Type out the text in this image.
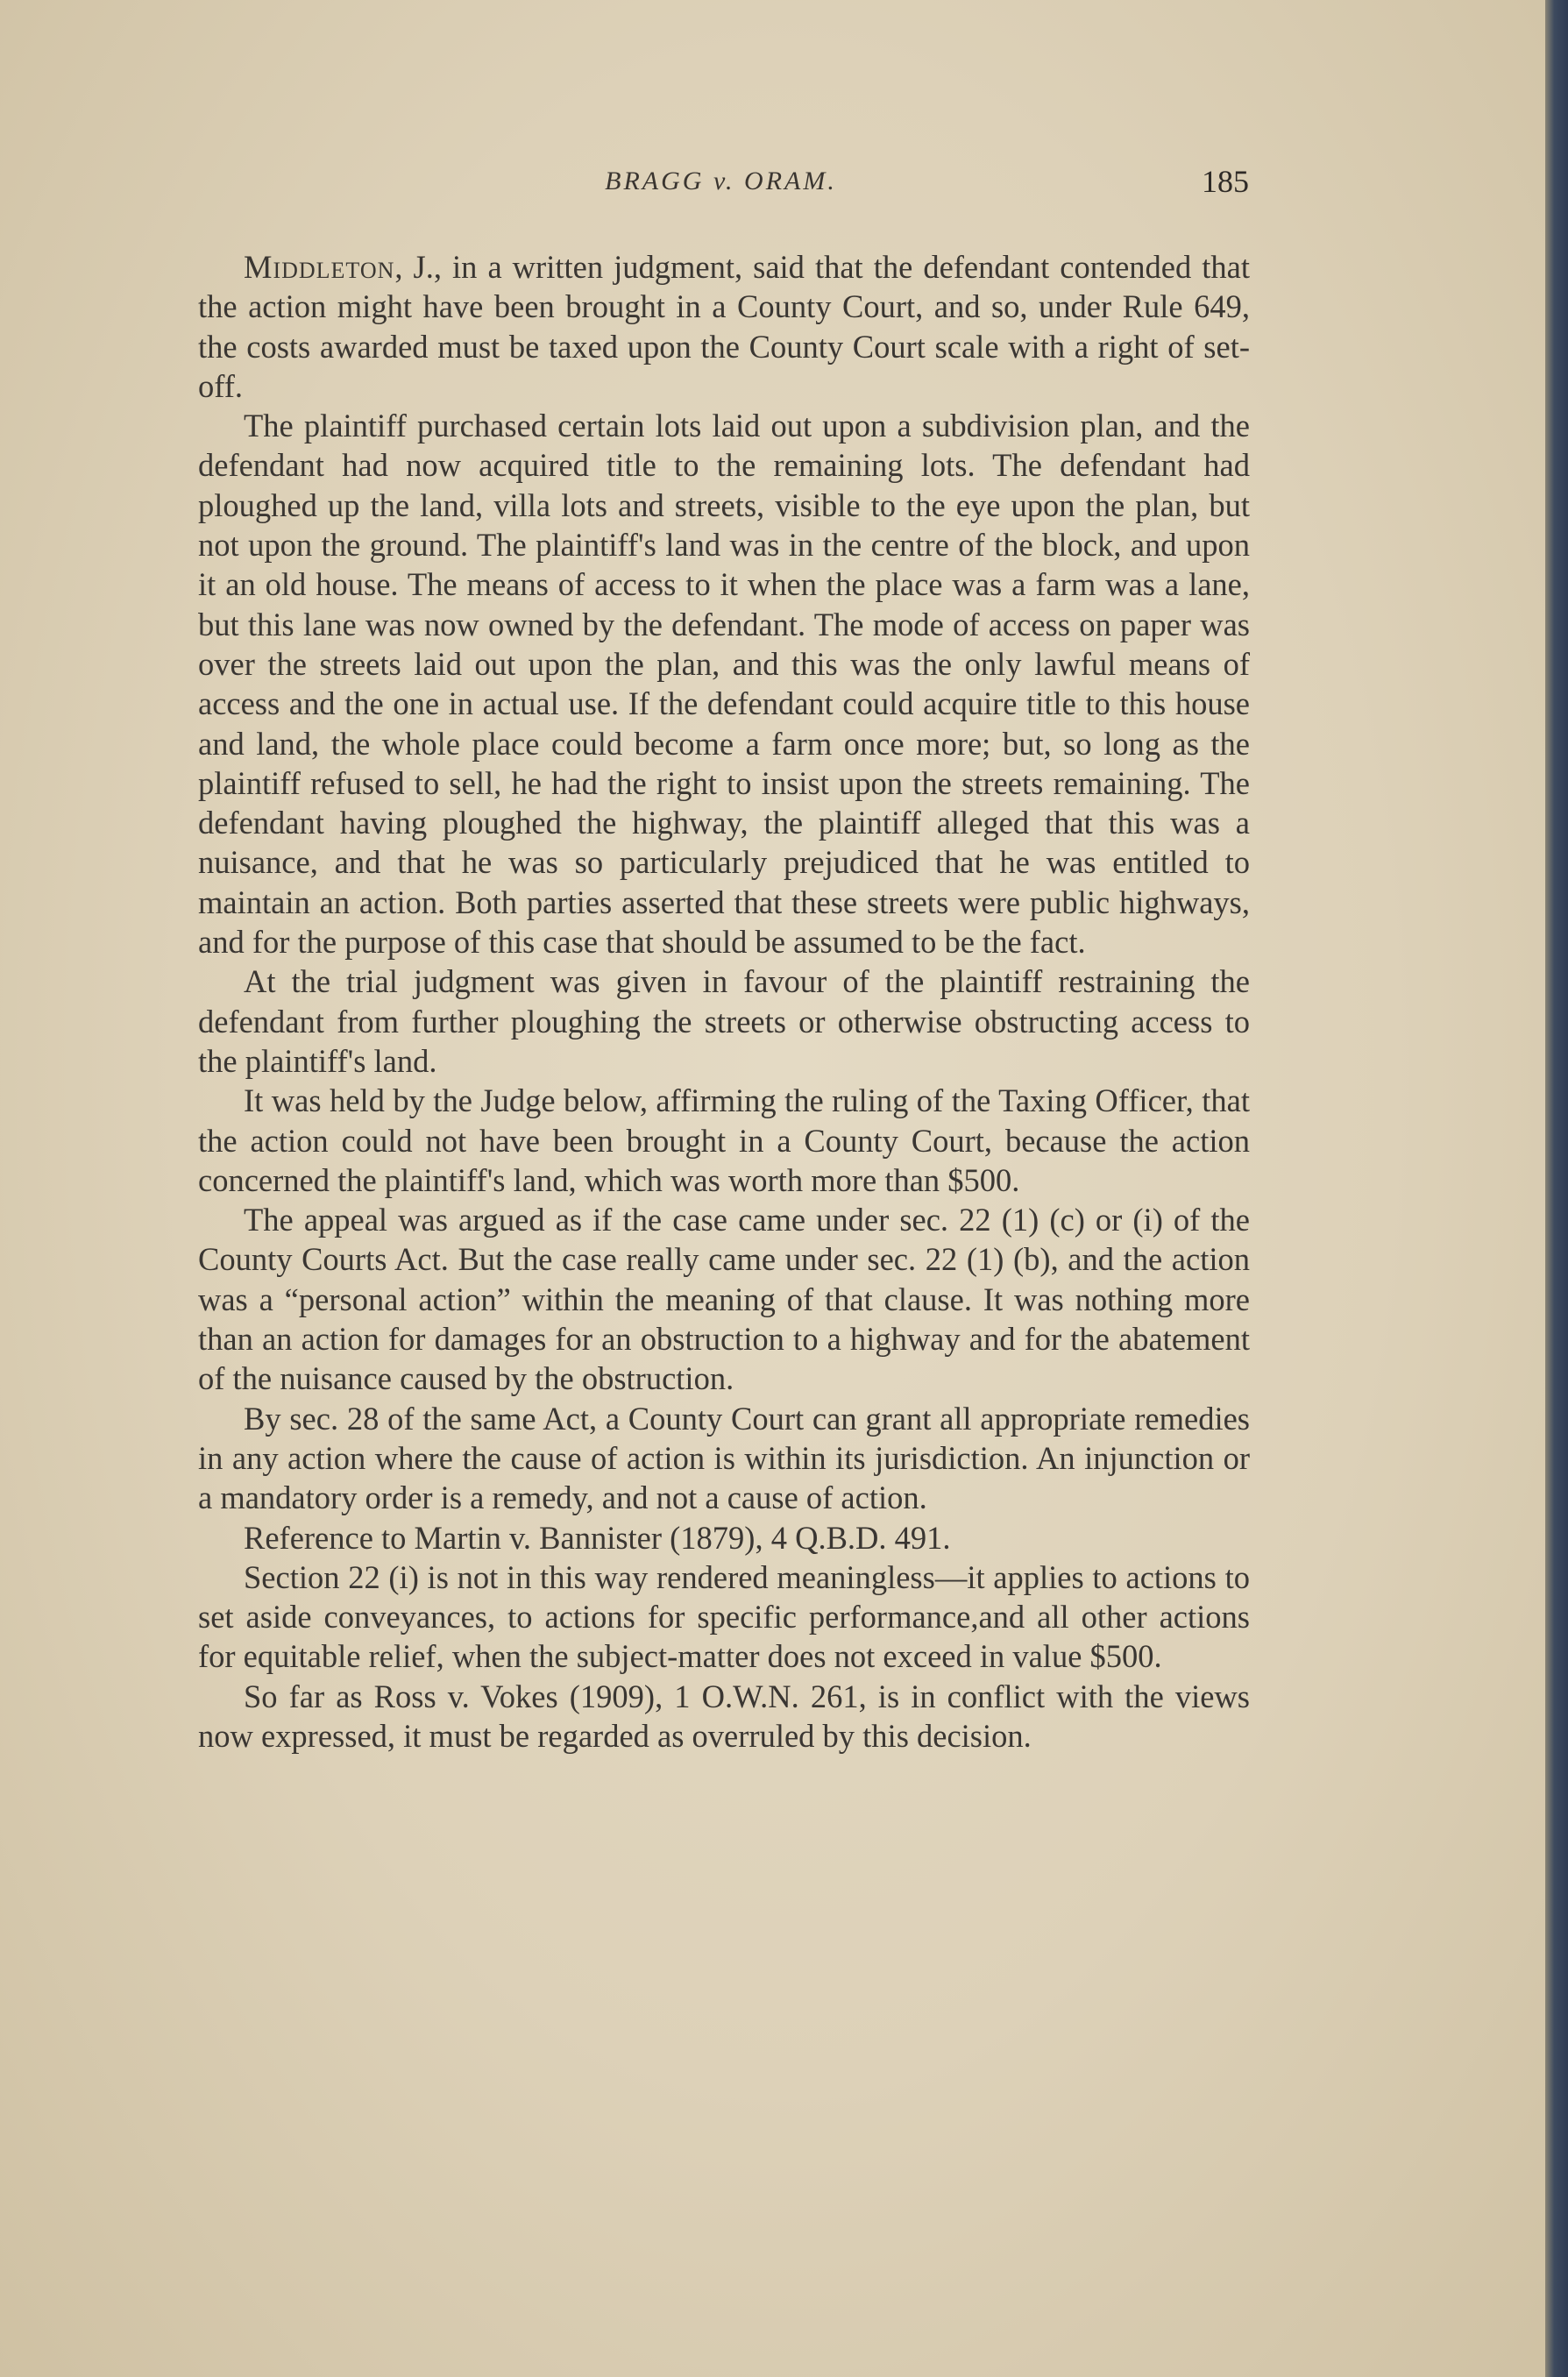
BRAGG v. ORAM.	185

Middleton, J., in a written judgment, said that the defendant contended that the action might have been brought in a County Court, and so, under Rule 649, the costs awarded must be taxed upon the County Court scale with a right of set-off.

The plaintiff purchased certain lots laid out upon a subdivision plan, and the defendant had now acquired title to the remaining lots. The defendant had ploughed up the land, villa lots and streets, visible to the eye upon the plan, but not upon the ground. The plaintiff's land was in the centre of the block, and upon it an old house. The means of access to it when the place was a farm was a lane, but this lane was now owned by the defendant. The mode of access on paper was over the streets laid out upon the plan, and this was the only lawful means of access and the one in actual use. If the defendant could acquire title to this house and land, the whole place could become a farm once more; but, so long as the plaintiff refused to sell, he had the right to insist upon the streets remaining. The defendant having ploughed the highway, the plaintiff alleged that this was a nuisance, and that he was so particularly prejudiced that he was entitled to maintain an action. Both parties asserted that these streets were public highways, and for the purpose of this case that should be assumed to be the fact.

At the trial judgment was given in favour of the plaintiff restraining the defendant from further ploughing the streets or otherwise obstructing access to the plaintiff's land.

It was held by the Judge below, affirming the ruling of the Taxing Officer, that the action could not have been brought in a County Court, because the action concerned the plaintiff's land, which was worth more than $500.

The appeal was argued as if the case came under sec. 22 (1) (c) or (i) of the County Courts Act. But the case really came under sec. 22 (1) (b), and the action was a “personal action” within the meaning of that clause. It was nothing more than an action for damages for an obstruction to a highway and for the abatement of the nuisance caused by the obstruction.

By sec. 28 of the same Act, a County Court can grant all appropriate remedies in any action where the cause of action is within its jurisdiction. An injunction or a mandatory order is a remedy, and not a cause of action.

Reference to Martin v. Bannister (1879), 4 Q.B.D. 491.

Section 22 (i) is not in this way rendered meaningless—it applies to actions to set aside conveyances, to actions for specific performance,and all other actions for equitable relief, when the subject-matter does not exceed in value $500.

So far as Ross v. Vokes (1909), 1 O.W.N. 261, is in conflict with the views now expressed, it must be regarded as overruled by this decision.
